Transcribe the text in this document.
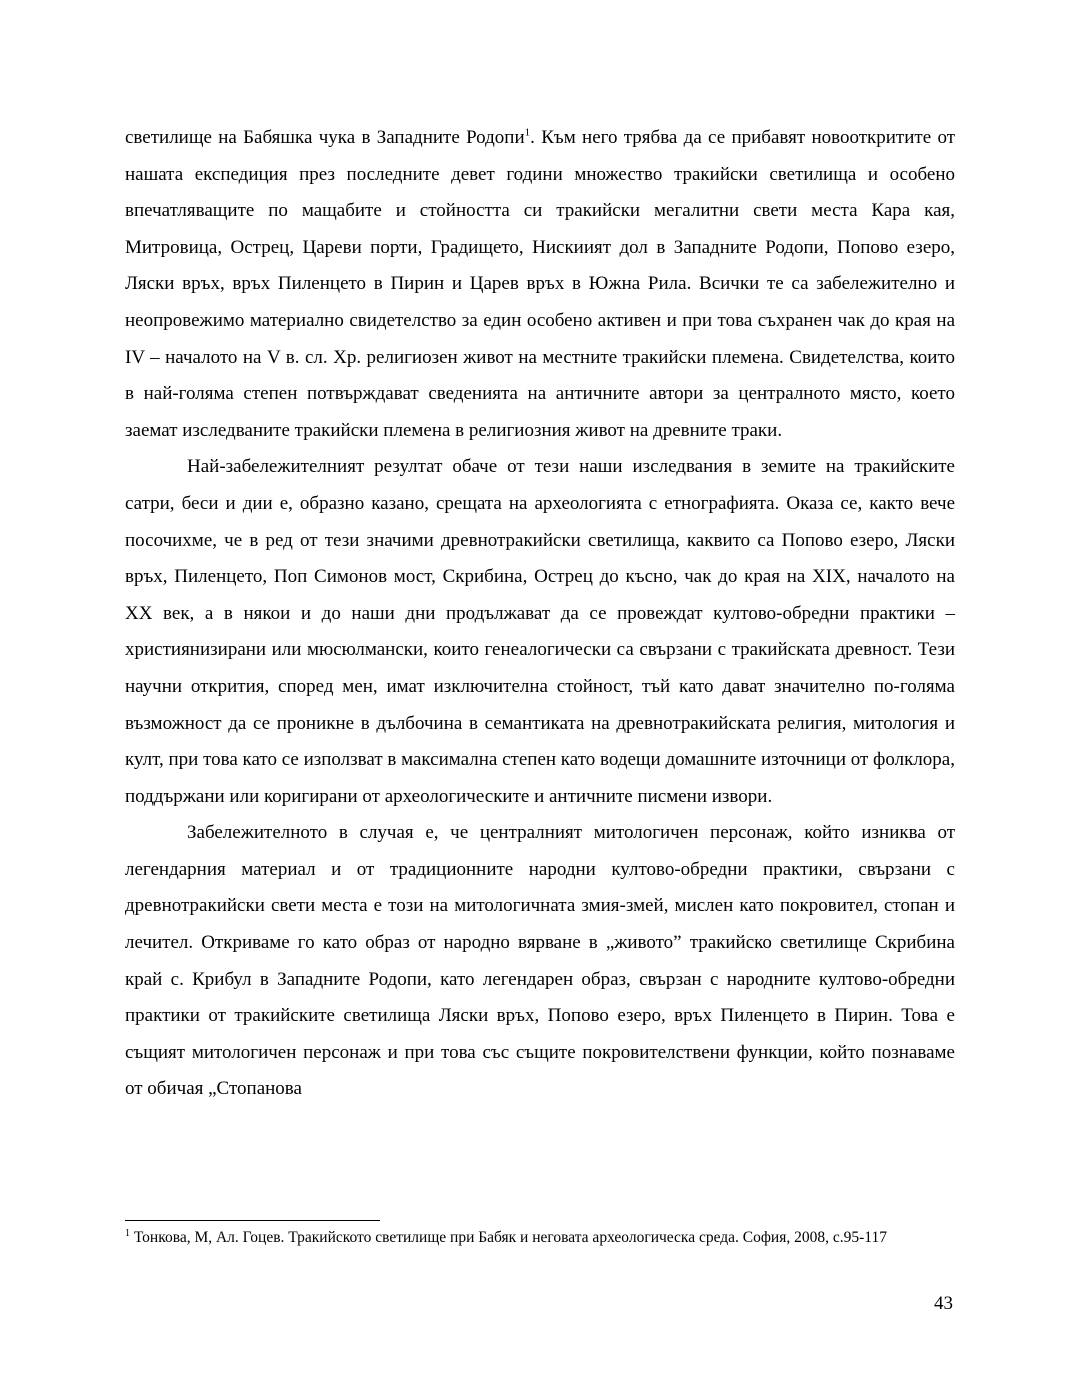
светилище на Бабяшка чука в Западните Родопи$^1$. Към него трябва да се прибавят новооткритите от нашата експедиция през последните девет години множество тракийски светилища и особено впечатляващите по мащабите и стойността си тракийски мегалитни свети места Кара кая, Митровица, Острец, Цареви порти, Градището, Нискиият дол в Западните Родопи, Попово езеро, Ляски връх, връх Пиленцето в Пирин и Царев връх в Южна Рила. Всички те са забележително и неопровежимо материално свидетелство за един особено активен и при това съхранен чак до края на IV – началото на V в. сл. Хр. религиозен живот на местните тракийски племена. Свидетелства, които в най-голяма степен потвърждават сведенията на античните автори за централното място, което заемат изследваните тракийски племена в религиозния живот на древните траки.

Най-забележителният резултат обаче от тези наши изследвания в земите на тракийските сатри, беси и дии е, образно казано, срещата на археологията с етнографията. Оказа се, както вече посочихме, че в ред от тези значими древнотракийски светилища, каквито са Попово езеро, Ляски връх, Пиленцето, Поп Симонов мост, Скрибина, Острец до късно, чак до края на XIX, началото на XX век, а в някои и до наши дни продължават да се провеждат култово-обредни практики – християнизирани или мюсюлмански, които генеалогически са свързани с тракийската древност. Тези научни открития, според мен, имат изключителна стойност, тъй като дават значително по-голяма възможност да се проникне в дълбочина в семантиката на древнотракийската религия, митология и култ, при това като се използват в максимална степен като водещи домашните източници от фолклора, поддържани или коригирани от археологическите и античните писмени извори.

Забележителното в случая е, че централният митологичен персонаж, който изниква от легендарния материал и от традиционните народни култово-обредни практики, свързани с древнотракийски свети места е този на митологичната змия-змей, мислен като покровител, стопан и лечител. Откриваме го като образ от народно вярване в „живото” тракийско светилище Скрибина край с. Крибул в Западните Родопи, като легендарен образ, свързан с народните култово-обредни практики от тракийските светилища Ляски връх, Попово езеро, връх Пиленцето в Пирин. Това е същият митологичен персонаж и при това със същите покровителствени функции, който познаваме от обичая „Стопанова

$^1$ Тонкова, М, Ал. Гоцев. Тракийското светилище при Бабяк и неговата археологическа среда. София, 2008, с.95-117

43
